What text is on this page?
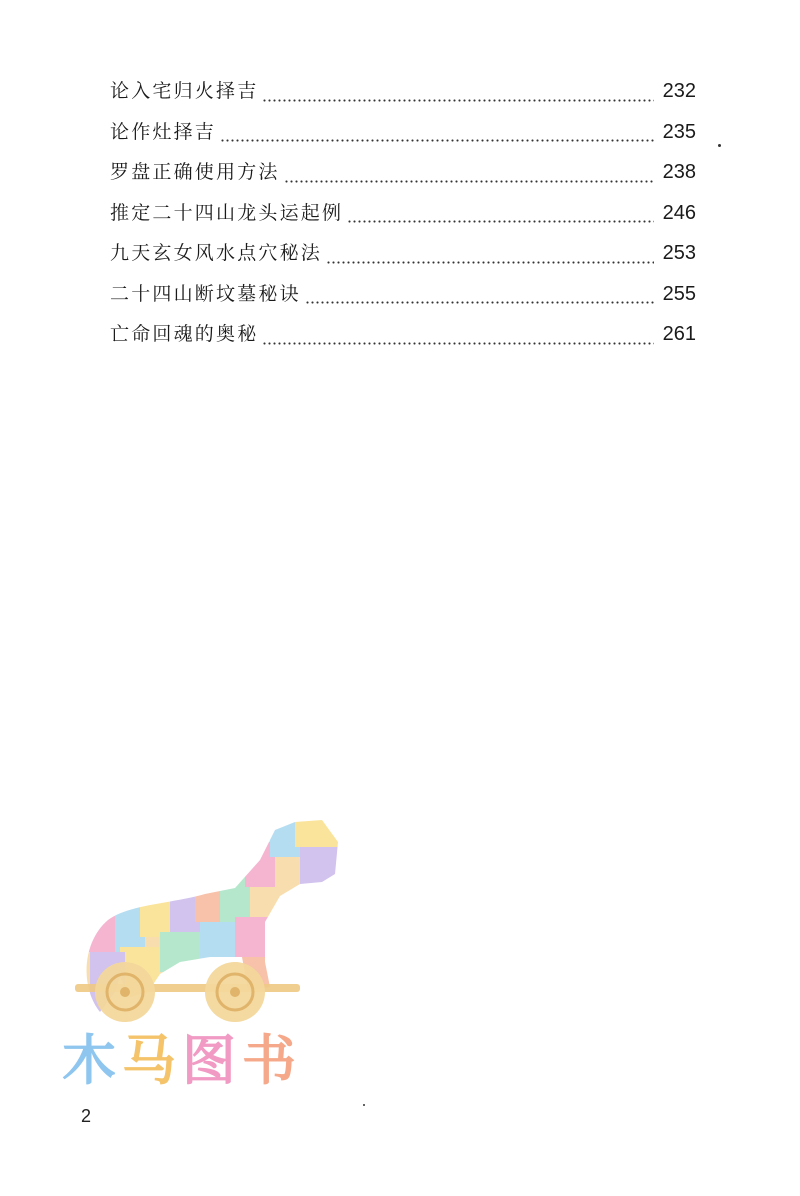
论入宅归火择吉	232
论作灶择吉	235
罗盘正确使用方法	238
推定二十四山龙头运起例	246
九天玄女风水点穴秘法	253
二十四山断坟墓秘诀	255
亡命回魂的奥秘	261
木马图书
2
